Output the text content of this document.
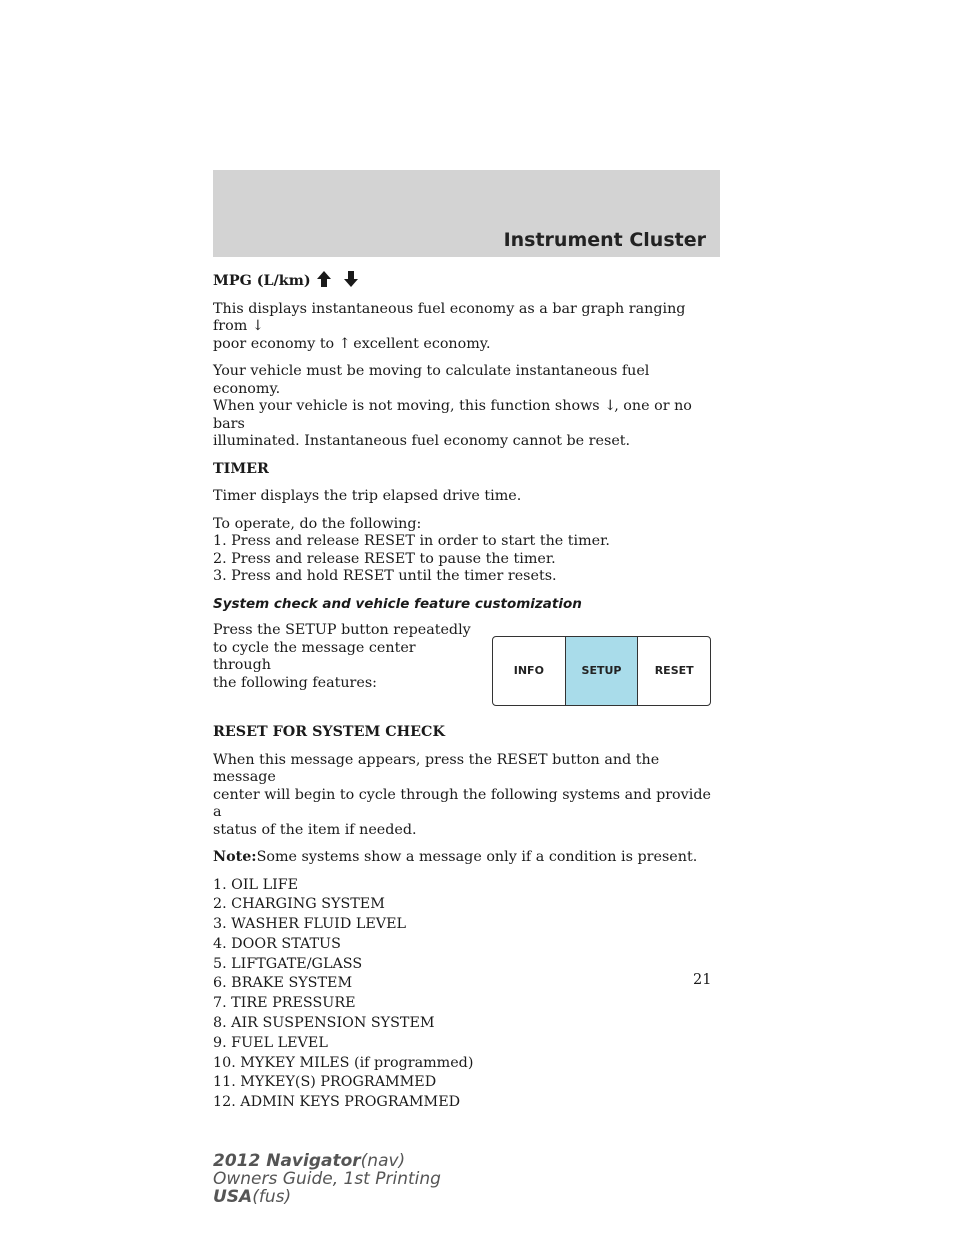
Instrument Cluster

MPG (L/km)

This displays instantaneous fuel economy as a bar graph ranging from ↓
poor economy to ↑ excellent economy.

Your vehicle must be moving to calculate instantaneous fuel economy.
When your vehicle is not moving, this function shows ↓, one or no bars
illuminated. Instantaneous fuel economy cannot be reset.

TIMER

Timer displays the trip elapsed drive time.

To operate, do the following:

1. Press and release RESET in order to start the timer.

2. Press and release RESET to pause the timer.

3. Press and hold RESET until the timer resets.

System check and vehicle feature customization

Press the SETUP button repeatedly

to cycle the message center through

the following features:

INFO	SETUP	RESET

RESET FOR SYSTEM CHECK

When this message appears, press the RESET button and the message
center will begin to cycle through the following systems and provide a
status of the item if needed.

Note:Some systems show a message only if a condition is present.

1. OIL LIFE

2. CHARGING SYSTEM

3. WASHER FLUID LEVEL

4. DOOR STATUS

5. LIFTGATE/GLASS

6. BRAKE SYSTEM

7. TIRE PRESSURE

8. AIR SUSPENSION SYSTEM

9. FUEL LEVEL

10. MYKEY MILES (if programmed)

11. MYKEY(S) PROGRAMMED

12. ADMIN KEYS PROGRAMMED

21
2012 Navigator(nav)
Owners Guide, 1st Printing
USA(fus)
